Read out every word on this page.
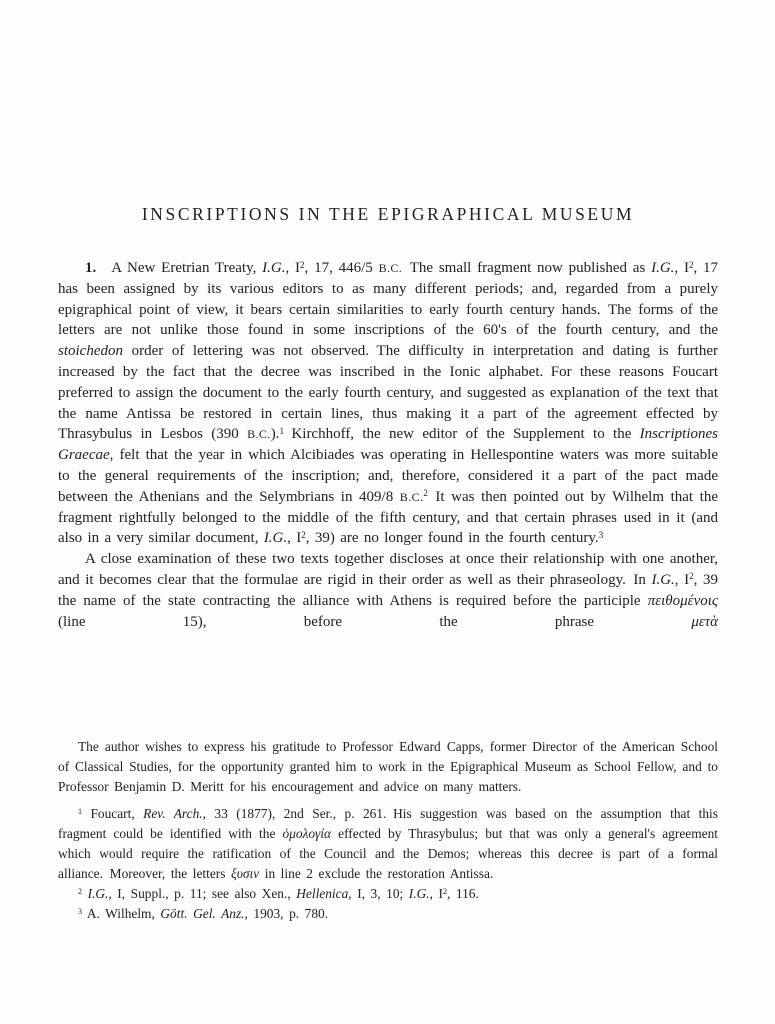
INSCRIPTIONS IN THE EPIGRAPHICAL MUSEUM

1. A New Eretrian Treaty, I.G., $I^2$, 17, 446/5 B.C. The small fragment now published as I.G., $I^2$, 17 has been assigned by its various editors to as many different periods; and, regarded from a purely epigraphical point of view, it bears certain similarities to early fourth century hands. The forms of the letters are not unlike those found in some inscriptions of the 60's of the fourth century, and the stoichedon order of lettering was not observed. The difficulty in interpretation and dating is further increased by the fact that the decree was inscribed in the Ionic alphabet. For these reasons Foucart preferred to assign the document to the early fourth century, and suggested as explanation of the text that the name Antissa be restored in certain lines, thus making it a part of the agreement effected by Thrasybulus in Lesbos (390 B.C.).$^1$ Kirchhoff, the new editor of the Supplement to the Inscriptiones Graecae, felt that the year in which Alcibiades was operating in Hellespontine waters was more suitable to the general requirements of the inscription; and, therefore, considered it a part of the pact made between the Athenians and the Selymbrians in 409/8 B.C.$^2$ It was then pointed out by Wilhelm that the fragment rightfully belonged to the middle of the fifth century, and that certain phrases used in it (and also in a very similar document, I.G., $I^2$, 39) are no longer found in the fourth century.$^3$

A close examination of these two texts together discloses at once their relationship with one another, and it becomes clear that the formulae are rigid in their order as well as their phraseology. In I.G., $I^2$, 39 the name of the state contracting the alliance with Athens is required before the participle πειθομένοις (line 15), before the phrase μετὰ

The author wishes to express his gratitude to Professor Edward Capps, former Director of the American School of Classical Studies, for the opportunity granted him to work in the Epigraphical Museum as School Fellow, and to Professor Benjamin D. Meritt for his encouragement and advice on many matters.

$^1$ Foucart, Rev. Arch., 33 (1877), 2nd Ser., p. 261. His suggestion was based on the assumption that this fragment could be identified with the ὁμολογία effected by Thrasybulus; but that was only a general's agreement which would require the ratification of the Council and the Demos; whereas this decree is part of a formal alliance. Moreover, the letters ξυσιν in line 2 exclude the restoration Antissa.

$^2$ I.G., I, Suppl., p. 11; see also Xen., Hellenica, I, 3, 10; I.G., $I^2$, 116.

$^3$ A. Wilhelm, Gött. Gel. Anz., 1903, p. 780.
